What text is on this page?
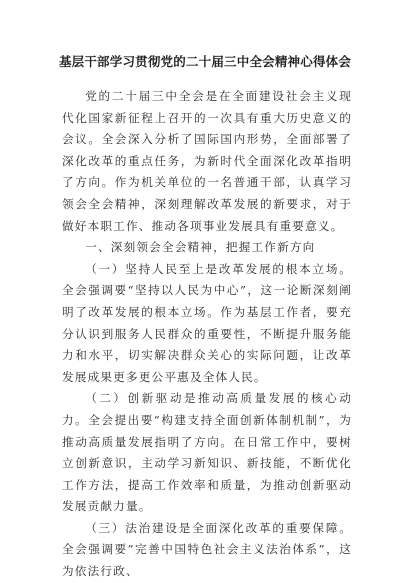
基层干部学习贯彻党的二十届三中全会精神心得体会

党的二十届三中全会是在全面建设社会主义现代化国家新征程上召开的一次具有重大历史意义的会议。全会深入分析了国际国内形势，全面部署了深化改革的重点任务，为新时代全面深化改革指明了方向。作为机关单位的一名普通干部，认真学习领会全会精神，深刻理解改革发展的新要求，对于做好本职工作、推动各项事业发展具有重要意义。

一、深刻领会全会精神，把握工作新方向

（一）坚持人民至上是改革发展的根本立场。全会强调要“坚持以人民为中心”，这一论断深刻阐明了改革发展的根本立场。作为基层工作者，要充分认识到服务人民群众的重要性，不断提升服务能力和水平，切实解决群众关心的实际问题，让改革发展成果更多更公平惠及全体人民。

（二）创新驱动是推动高质量发展的核心动力。全会提出要“构建支持全面创新体制机制”，为推动高质量发展指明了方向。在日常工作中，要树立创新意识，主动学习新知识、新技能，不断优化工作方法，提高工作效率和质量，为推动创新驱动发展贡献力量。

（三）法治建设是全面深化改革的重要保障。全会强调要”完善中国特色社会主义法治体系”，这为依法行政、
